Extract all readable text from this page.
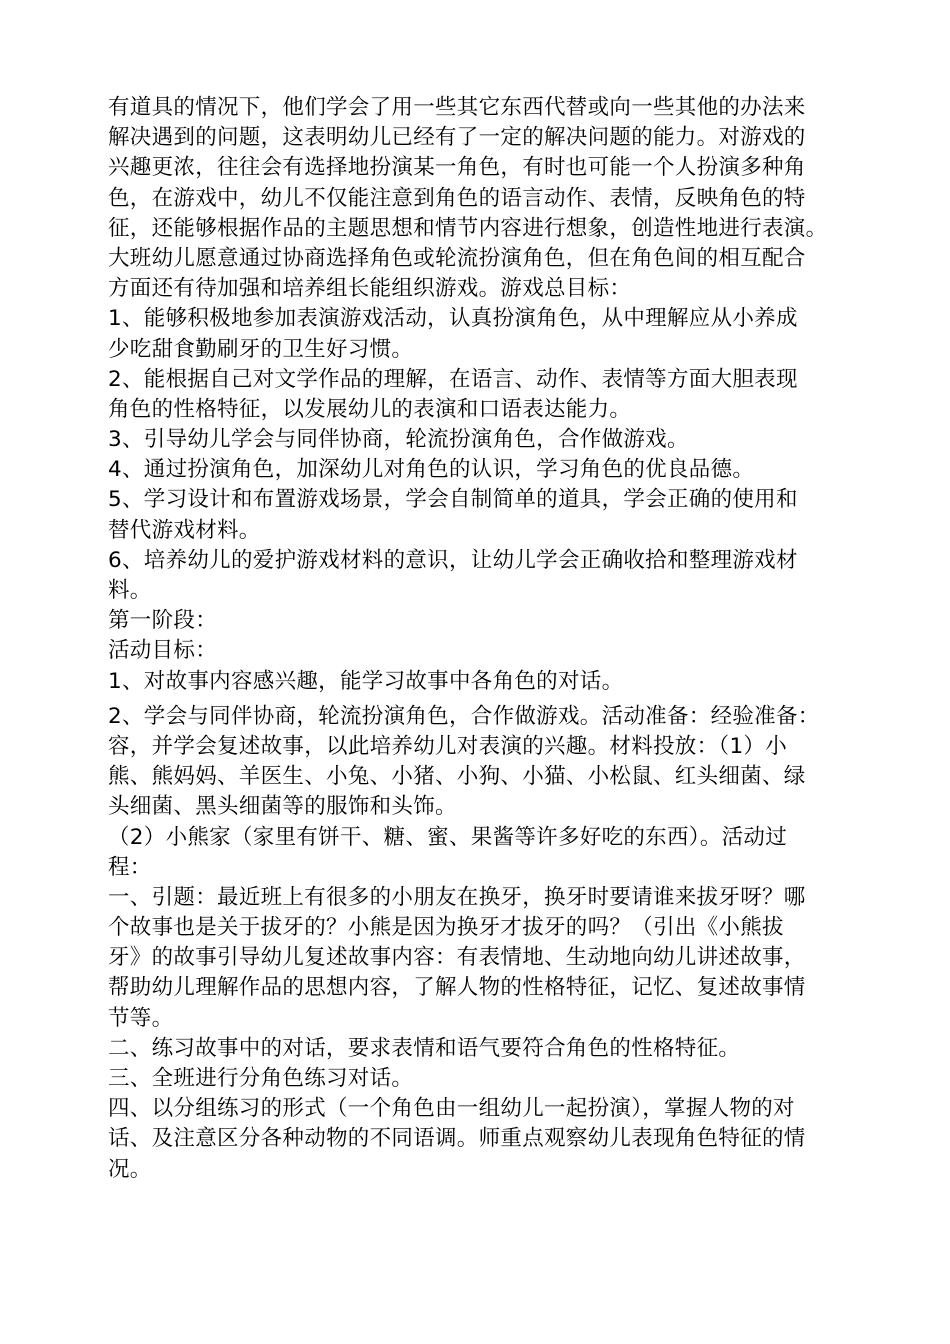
有道具的情况下，他们学会了用一些其它东西代替或向一些其他的办法来
解决遇到的问题，这表明幼儿已经有了一定的解决问题的能力。对游戏的
兴趣更浓，往往会有选择地扮演某一角色，有时也可能一个人扮演多种角
色，在游戏中，幼儿不仅能注意到角色的语言动作、表情，反映角色的特
征，还能够根据作品的主题思想和情节内容进行想象，创造性地进行表演。
大班幼儿愿意通过协商选择角色或轮流扮演角色，但在角色间的相互配合
方面还有待加强和培养组长能组织游戏。游戏总目标：
1、能够积极地参加表演游戏活动，认真扮演角色，从中理解应从小养成
少吃甜食勤刷牙的卫生好习惯。
2、能根据自己对文学作品的理解，在语言、动作、表情等方面大胆表现
角色的性格特征，以发展幼儿的表演和口语表达能力。
3、引导幼儿学会与同伴协商，轮流扮演角色，合作做游戏。
4、通过扮演角色，加深幼儿对角色的认识，学习角色的优良品德。
5、学习设计和布置游戏场景，学会自制简单的道具，学会正确的使用和
替代游戏材料。
6、培养幼儿的爱护游戏材料的意识，让幼儿学会正确收拾和整理游戏材
料。
第一阶段：
活动目标：
1、对故事内容感兴趣，能学习故事中各角色的对话。
2、学会与同伴协商，轮流扮演角色，合作做游戏。活动准备：经验准备：
容，并学会复述故事，以此培养幼儿对表演的兴趣。材料投放：（1）小
熊、熊妈妈、羊医生、小兔、小猪、小狗、小猫、小松鼠、红头细菌、绿
头细菌、黑头细菌等的服饰和头饰。
（2）小熊家（家里有饼干、糖、蜜、果酱等许多好吃的东西）。活动过
程：
一、引题：最近班上有很多的小朋友在换牙，换牙时要请谁来拔牙呀？哪
个故事也是关于拔牙的？小熊是因为换牙才拔牙的吗？（引出《小熊拔
牙》的故事引导幼儿复述故事内容：有表情地、生动地向幼儿讲述故事，
帮助幼儿理解作品的思想内容，了解人物的性格特征，记忆、复述故事情
节等。
二、练习故事中的对话，要求表情和语气要符合角色的性格特征。
三、全班进行分角色练习对话。
四、以分组练习的形式（一个角色由一组幼儿一起扮演），掌握人物的对
话、及注意区分各种动物的不同语调。师重点观察幼儿表现角色特征的情
况。
